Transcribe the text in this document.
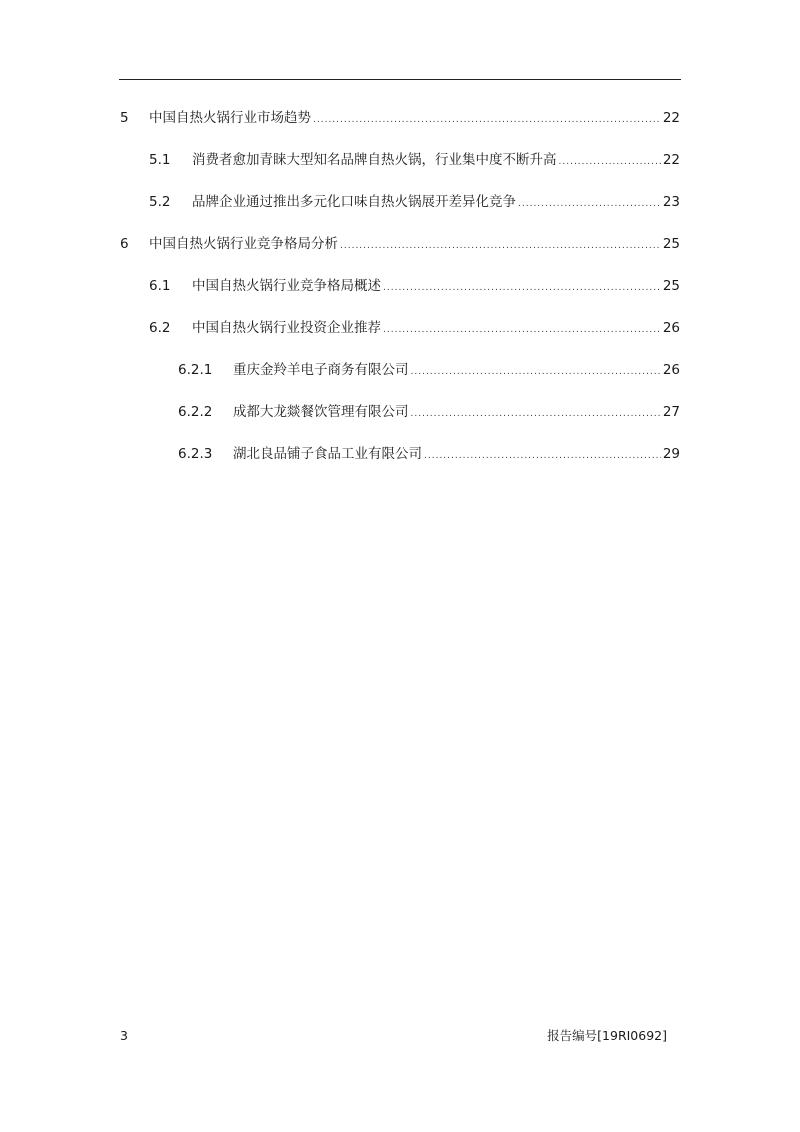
5	中国自热火锅行业市场趋势 .....	22
5.1	消费者愈加青睐大型知名品牌自热火锅，行业集中度不断升高 .....	22
5.2	品牌企业通过推出多元化口味自热火锅展开差异化竞争 .....	23
6	中国自热火锅行业竞争格局分析 .....	25
6.1	中国自热火锅行业竞争格局概述 .....	25
6.2	中国自热火锅行业投资企业推荐 .....	26
6.2.1	重庆金羚羊电子商务有限公司 .....	26
6.2.2	成都大龙燚餐饮管理有限公司 .....	27
6.2.3	湖北良品铺子食品工业有限公司 .....	29
3	报告编号[19RI0692]
